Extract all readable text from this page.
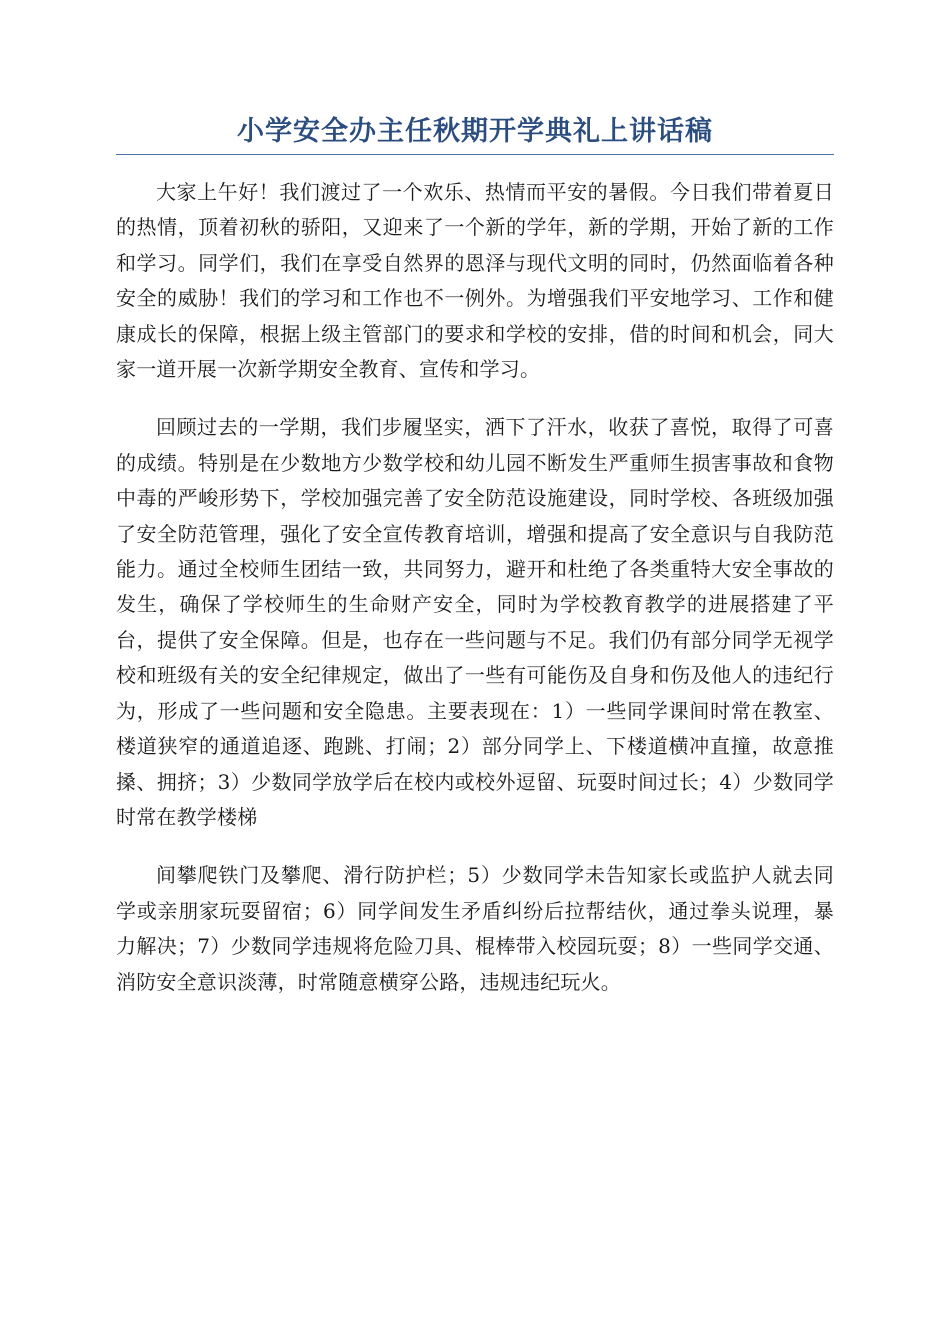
小学安全办主任秋期开学典礼上讲话稿

大家上午好！我们渡过了一个欢乐、热情而平安的暑假。今日我们带着夏日的热情，顶着初秋的骄阳，又迎来了一个新的学年，新的学期，开始了新的工作和学习。同学们，我们在享受自然界的恩泽与现代文明的同时，仍然面临着各种安全的威胁！我们的学习和工作也不一例外。为增强我们平安地学习、工作和健康成长的保障，根据上级主管部门的要求和学校的安排，借的时间和机会，同大家一道开展一次新学期安全教育、宣传和学习。

回顾过去的一学期，我们步履坚实，洒下了汗水，收获了喜悦，取得了可喜的成绩。特别是在少数地方少数学校和幼儿园不断发生严重师生损害事故和食物中毒的严峻形势下，学校加强完善了安全防范设施建设，同时学校、各班级加强了安全防范管理，强化了安全宣传教育培训，增强和提高了安全意识与自我防范能力。通过全校师生团结一致，共同努力，避开和杜绝了各类重特大安全事故的发生，确保了学校师生的生命财产安全，同时为学校教育教学的进展搭建了平台，提供了安全保障。但是，也存在一些问题与不足。我们仍有部分同学无视学校和班级有关的安全纪律规定，做出了一些有可能伤及自身和伤及他人的违纪行为，形成了一些问题和安全隐患。主要表现在：1）一些同学课间时常在教室、楼道狭窄的通道追逐、跑跳、打闹；2）部分同学上、下楼道横冲直撞，故意推搡、拥挤；3）少数同学放学后在校内或校外逗留、玩耍时间过长；4）少数同学时常在教学楼梯

间攀爬铁门及攀爬、滑行防护栏；5）少数同学未告知家长或监护人就去同学或亲朋家玩耍留宿；6）同学间发生矛盾纠纷后拉帮结伙，通过拳头说理，暴力解决；7）少数同学违规将危险刀具、棍棒带入校园玩耍；8）一些同学交通、消防安全意识淡薄，时常随意横穿公路，违规违纪玩火。
